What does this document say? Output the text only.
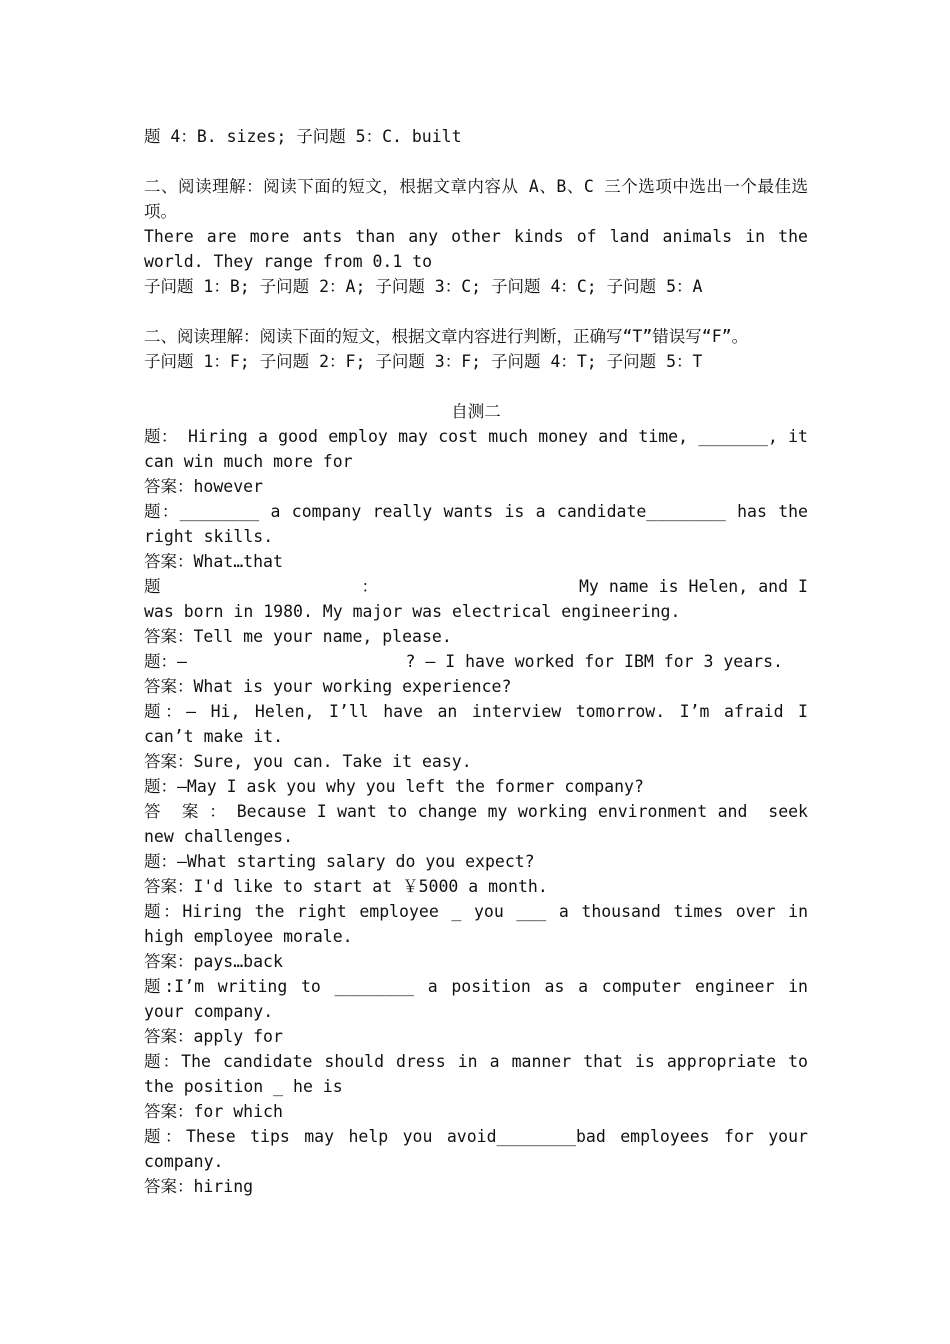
题 4：B. sizes; 子问题 5：C. built
二、阅读理解：阅读下面的短文，根据文章内容从 A、B、C 三个选项中选出一个最佳选项。
There are more ants than any other kinds of land animals in the world. They range from 0.1 to
子问题 1：B; 子问题 2：A; 子问题 3：C; 子问题 4：C; 子问题 5：A
二、阅读理解：阅读下面的短文，根据文章内容进行判断，正确写“T”错误写“F”。
子问题 1：F; 子问题 2：F; 子问题 3：F; 子问题 4：T; 子问题 5：T
自测二
题： Hiring a good employ may cost much money and time, _______, it can win much more for
答案：however
题：________ a company really wants is a candidate________ has the right skills.
答案：What…that
题                    ：                    My name is Helen, and I was born in 1980. My major was electrical engineering.
答案：Tell me your name, please.
题：—                      ? — I have worked for IBM for 3 years.
答案：What is your working experience?
题：— Hi, Helen, I’ll have an interview tomorrow. I’m afraid I can’t make it.
答案：Sure, you can. Take it easy.
题：—May I ask you why you left the former company?
答  案 ： Because I want to change my working environment and  seek  new challenges.
题：—What starting salary do you expect?
答案：I'd like to start at ￥5000 a month.
题：Hiring the right employee _ you ___ a thousand times over in high employee morale.
答案：pays…back
题:I’m writing to ________ a position as a computer engineer in your company.
答案：apply for
题：The candidate should dress in a manner that is appropriate to the position _ he is
答案：for which
题：These tips may help you avoid________bad employees for your company.
答案：hiring
